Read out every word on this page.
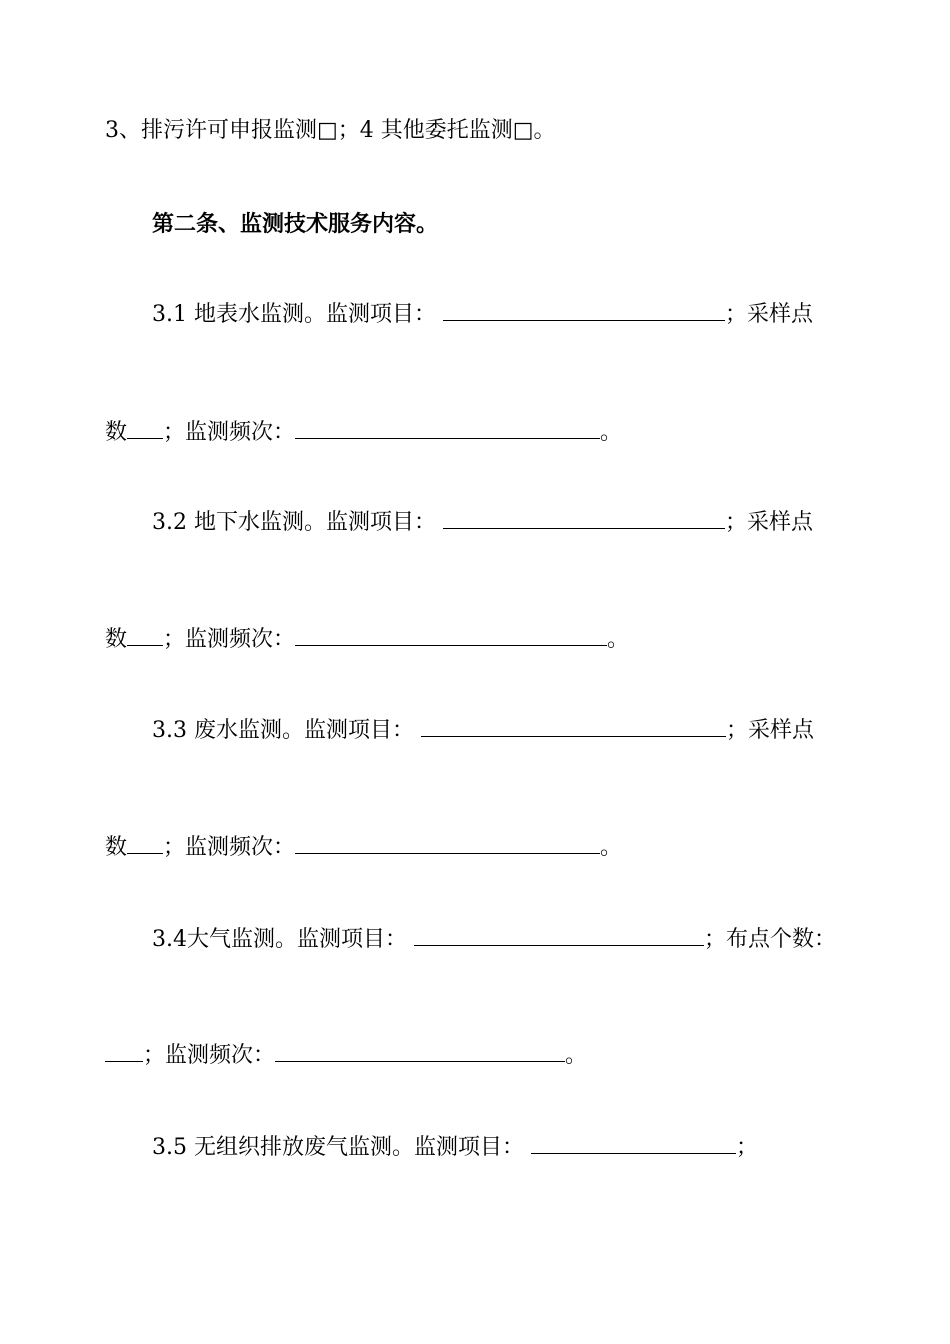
3、排污许可申报监测□；4 其他委托监测□。
第二条、监测技术服务内容。
3.1 地表水监测。监测项目：	；采样点
数 ；监测频次：	。
3.2 地下水监测。监测项目：	；采样点
数 ；监测频次：	。
3.3 废水监测。监测项目：	；采样点
数 ；监测频次：	。
3.4大气监测。监测项目：	；布点个数：
；监测频次：	。
3.5 无组织排放废气监测。监测项目：	；
